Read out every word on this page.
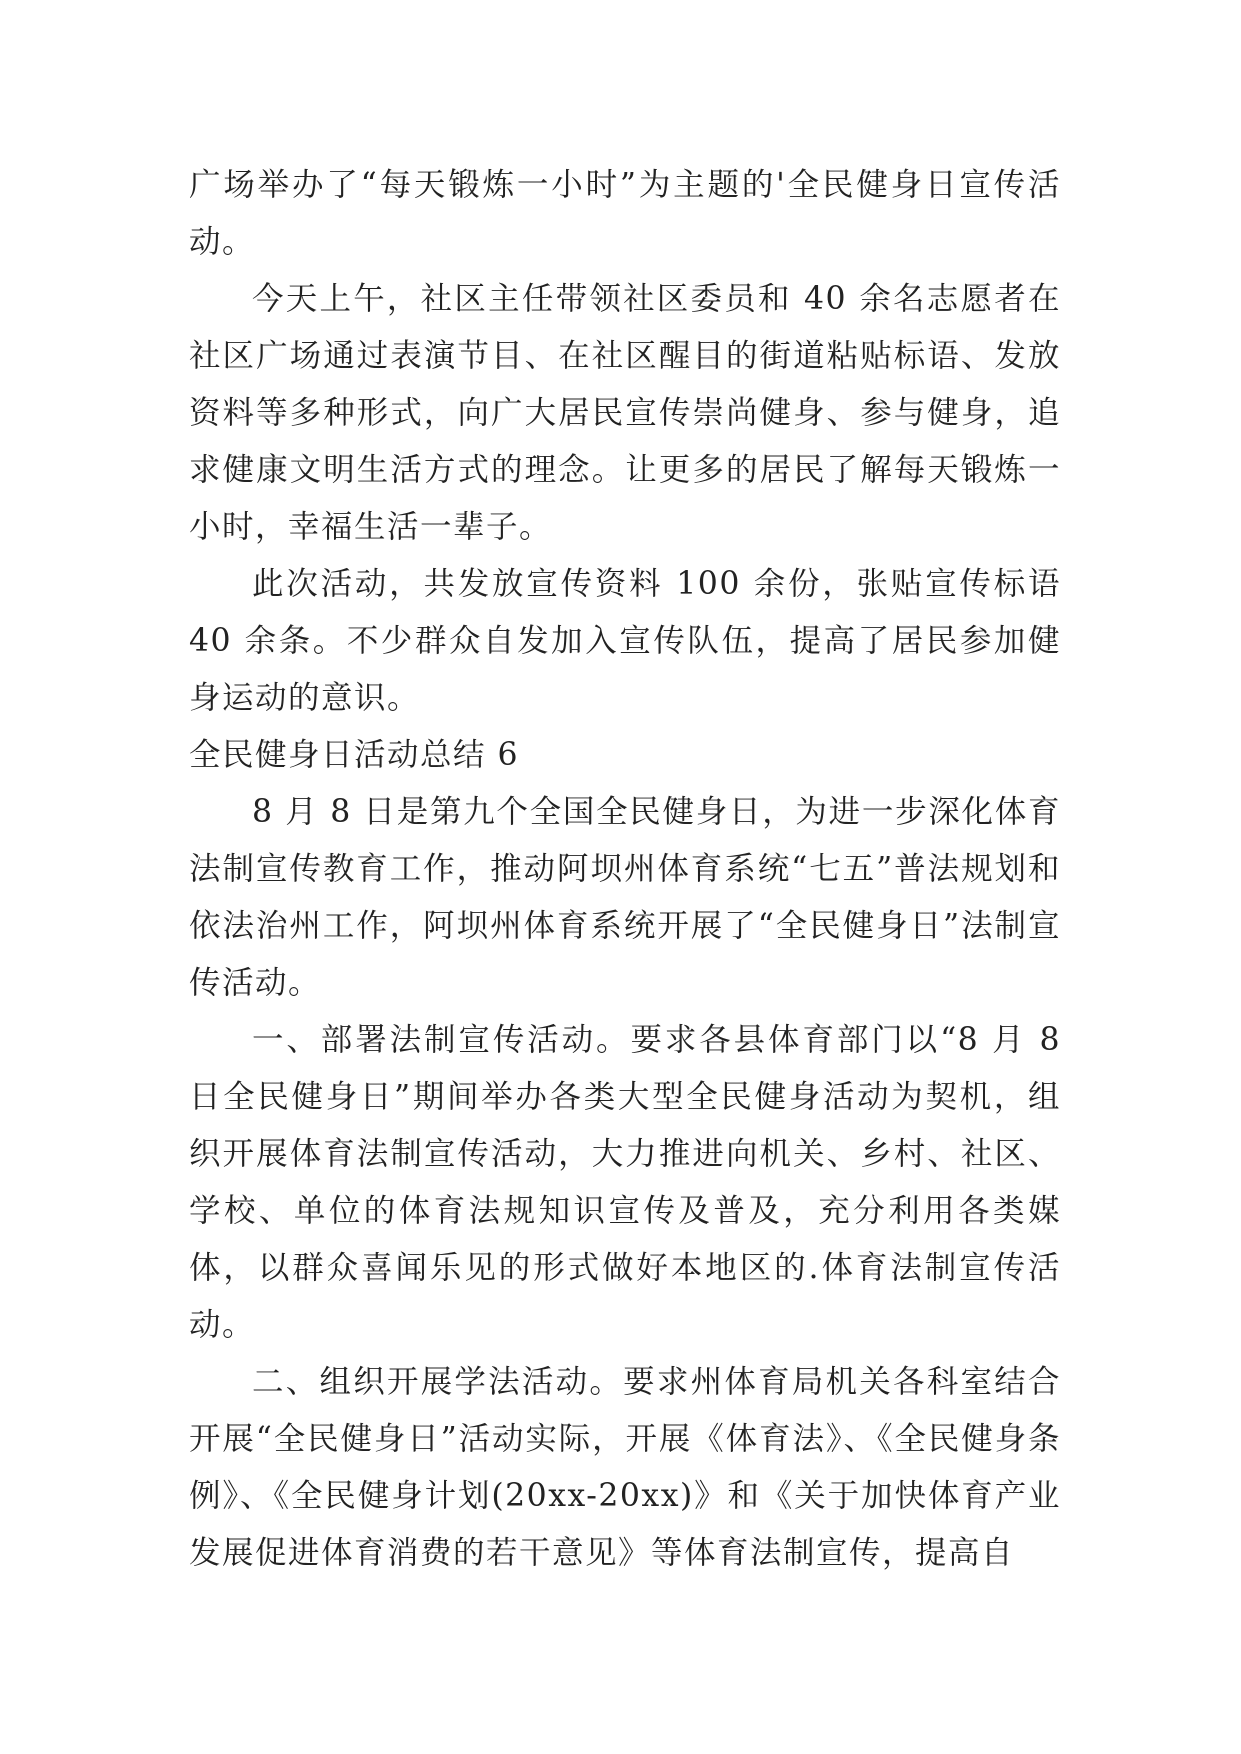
广场举办了“每天锻炼一小时”为主题的'全民健身日宣传活动。

今天上午，社区主任带领社区委员和 40 余名志愿者在社区广场通过表演节目、在社区醒目的街道粘贴标语、发放资料等多种形式，向广大居民宣传崇尚健身、参与健身，追求健康文明生活方式的理念。让更多的居民了解每天锻炼一小时，幸福生活一辈子。

此次活动，共发放宣传资料 100 余份，张贴宣传标语 40 余条。不少群众自发加入宣传队伍，提高了居民参加健身运动的意识。

全民健身日活动总结 6

8 月 8 日是第九个全国全民健身日，为进一步深化体育法制宣传教育工作，推动阿坝州体育系统“七五”普法规划和依法治州工作，阿坝州体育系统开展了“全民健身日”法制宣传活动。

一、部署法制宣传活动。要求各县体育部门以“8 月 8 日全民健身日”期间举办各类大型全民健身活动为契机，组织开展体育法制宣传活动，大力推进向机关、乡村、社区、学校、单位的体育法规知识宣传及普及，充分利用各类媒体，以群众喜闻乐见的形式做好本地区的.体育法制宣传活动。

二、组织开展学法活动。要求州体育局机关各科室结合开展“全民健身日”活动实际，开展《体育法》、《全民健身条例》、《全民健身计划(20xx-20xx)》和《关于加快体育产业发展促进体育消费的若干意见》等体育法制宣传，提高自
